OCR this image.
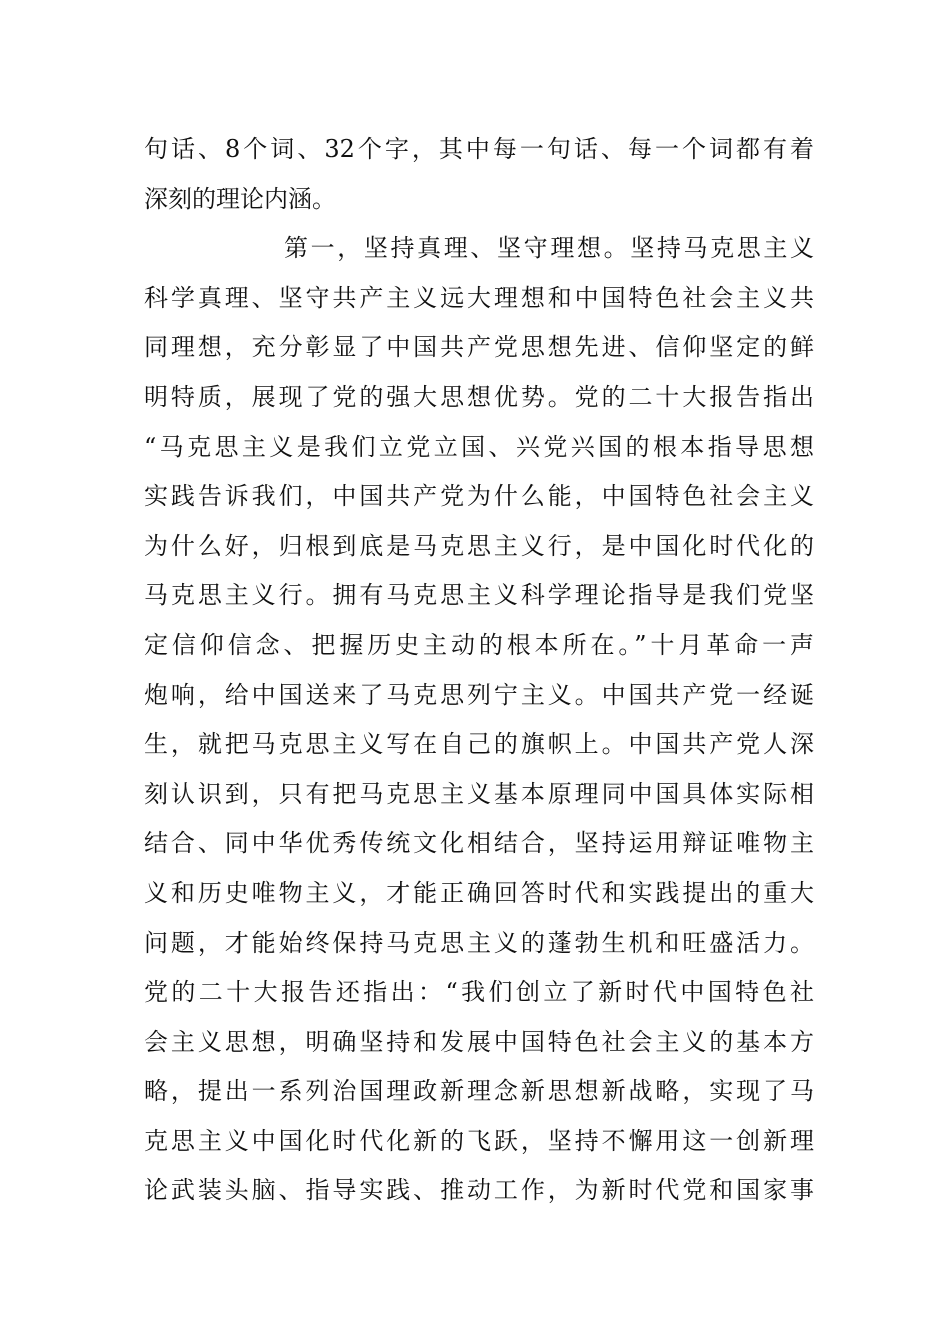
句话、8个词、32个字，其中每一句话、每一个词都有着
深刻的理论内涵。
第一，坚持真理、坚守理想。坚持马克思主义
科学真理、坚守共产主义远大理想和中国特色社会主义共
同理想，充分彰显了中国共产党思想先进、信仰坚定的鲜
明特质，展现了党的强大思想优势。党的二十大报告指出
“马克思主义是我们立党立国、兴党兴国的根本指导思想
实践告诉我们，中国共产党为什么能，中国特色社会主义
为什么好，归根到底是马克思主义行，是中国化时代化的
马克思主义行。拥有马克思主义科学理论指导是我们党坚
定信仰信念、把握历史主动的根本所在。”十月革命一声
炮响，给中国送来了马克思列宁主义。中国共产党一经诞
生，就把马克思主义写在自己的旗帜上。中国共产党人深
刻认识到，只有把马克思主义基本原理同中国具体实际相
结合、同中华优秀传统文化相结合，坚持运用辩证唯物主
义和历史唯物主义，才能正确回答时代和实践提出的重大
问题，才能始终保持马克思主义的蓬勃生机和旺盛活力。
党的二十大报告还指出：“我们创立了新时代中国特色社
会主义思想，明确坚持和发展中国特色社会主义的基本方
略，提出一系列治国理政新理念新思想新战略，实现了马
克思主义中国化时代化新的飞跃，坚持不懈用这一创新理
论武装头脑、指导实践、推动工作，为新时代党和国家事
